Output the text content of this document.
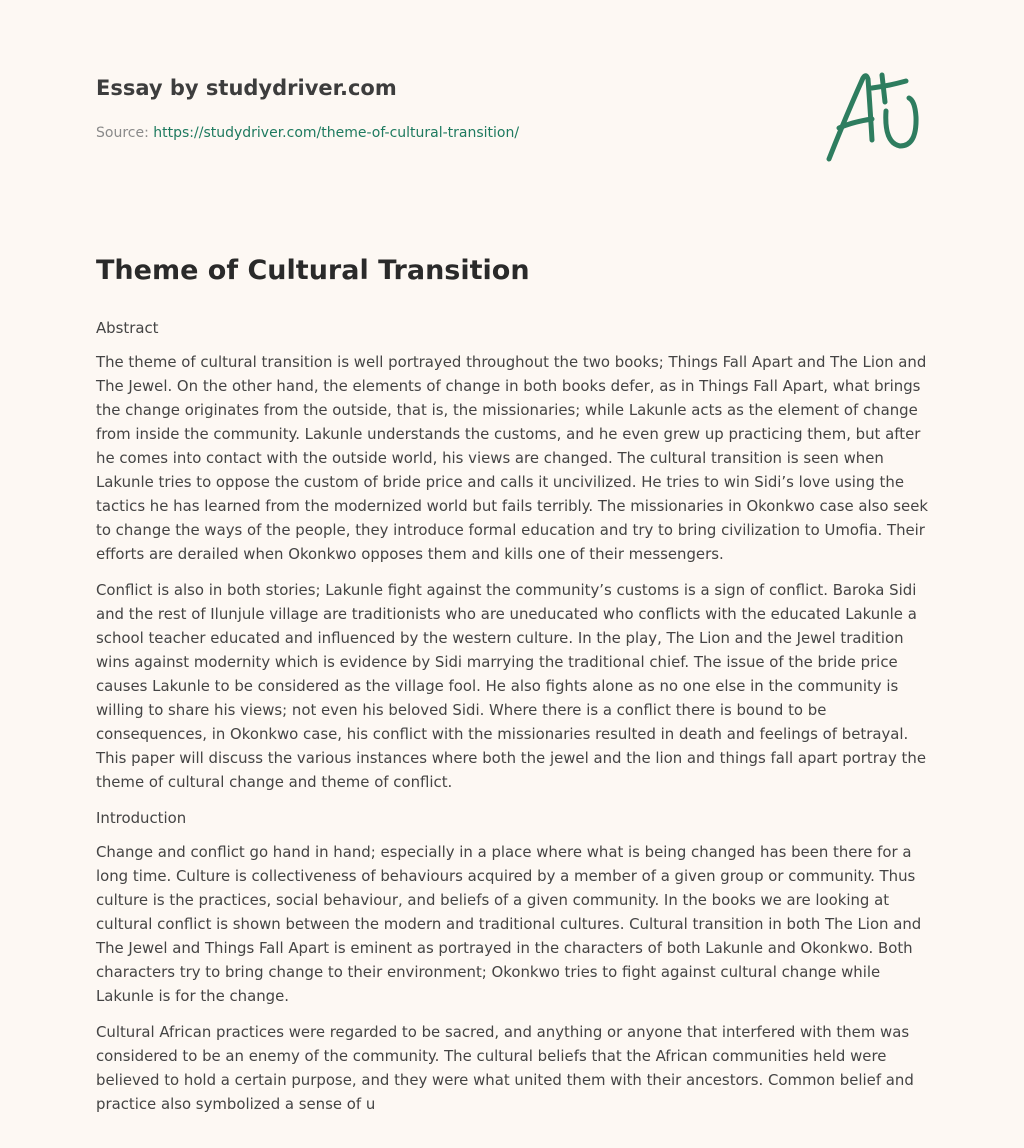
Essay by studydriver.com
Source: https://studydriver.com/theme-of-cultural-transition/
Theme of Cultural Transition

Abstract

The theme of cultural transition is well portrayed throughout the two books; Things Fall Apart and The Lion and The Jewel. On the other hand, the elements of change in both books defer, as in Things Fall Apart, what brings the change originates from the outside, that is, the missionaries; while Lakunle acts as the element of change from inside the community. Lakunle understands the customs, and he even grew up practicing them, but after he comes into contact with the outside world, his views are changed. The cultural transition is seen when Lakunle tries to oppose the custom of bride price and calls it uncivilized. He tries to win Sidi’s love using the tactics he has learned from the modernized world but fails terribly. The missionaries in Okonkwo case also seek to change the ways of the people, they introduce formal education and try to bring civilization to Umofia. Their efforts are derailed when Okonkwo opposes them and kills one of their messengers.

Conflict is also in both stories; Lakunle fight against the community’s customs is a sign of conflict. Baroka Sidi and the rest of Ilunjule village are traditionists who are uneducated who conflicts with the educated Lakunle a school teacher educated and influenced by the western culture. In the play, The Lion and the Jewel tradition wins against modernity which is evidence by Sidi marrying the traditional chief. The issue of the bride price causes Lakunle to be considered as the village fool. He also fights alone as no one else in the community is willing to share his views; not even his beloved Sidi. Where there is a conflict there is bound to be consequences, in Okonkwo case, his conflict with the missionaries resulted in death and feelings of betrayal. This paper will discuss the various instances where both the jewel and the lion and things fall apart portray the theme of cultural change and theme of conflict.

Introduction

Change and conflict go hand in hand; especially in a place where what is being changed has been there for a long time. Culture is collectiveness of behaviours acquired by a member of a given group or community. Thus culture is the practices, social behaviour, and beliefs of a given community. In the books we are looking at cultural conflict is shown between the modern and traditional cultures. Cultural transition in both The Lion and The Jewel and Things Fall Apart is eminent as portrayed in the characters of both Lakunle and Okonkwo. Both characters try to bring change to their environment; Okonkwo tries to fight against cultural change while Lakunle is for the change.

Cultural African practices were regarded to be sacred, and anything or anyone that interfered with them was considered to be an enemy of the community. The cultural beliefs that the African communities held were believed to hold a certain purpose, and they were what united them with their ancestors. Common belief and practice also symbolized a sense of u
